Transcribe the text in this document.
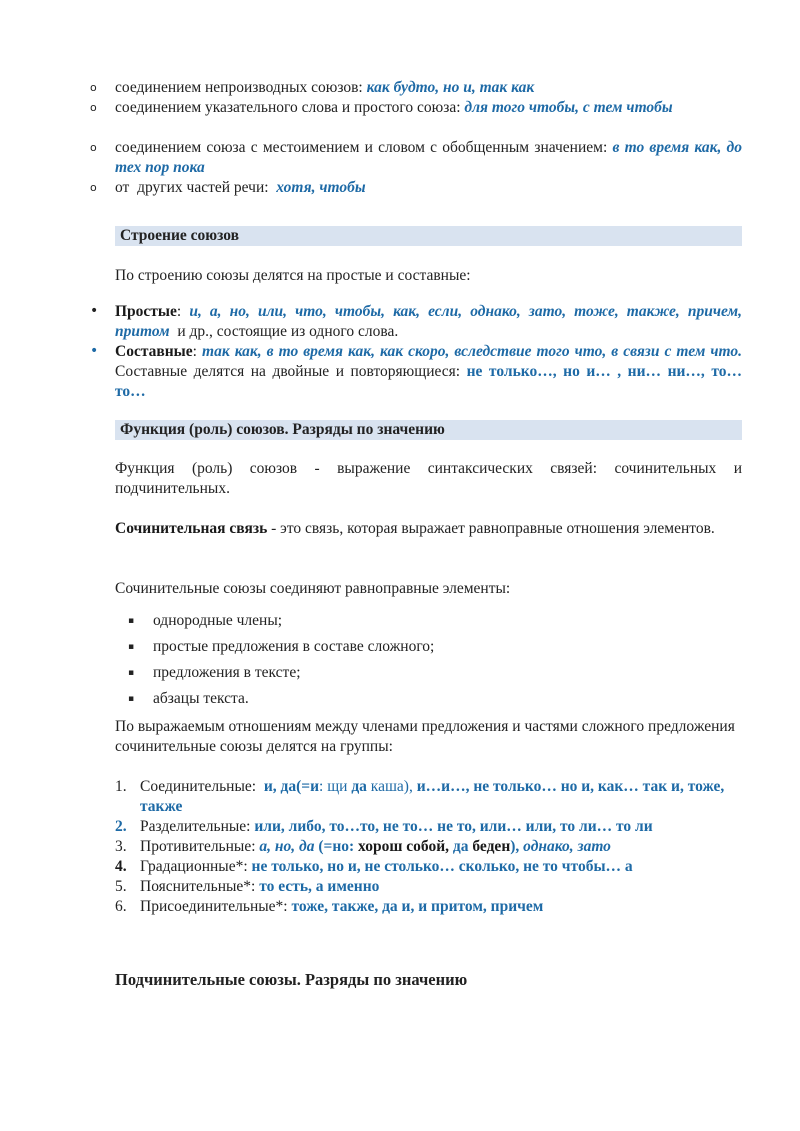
o соединением непроизводных союзов: как будто, но и, так как
o соединением указательного слова и простого союза: для того чтобы, с тем чтобы
o соединением союза с местоимением и словом с обобщенным значением: в то время как, до тех пор пока
o от  других частей речи:  хотя, чтобы
Строение союзов

По строению союзы делятся на простые и составные:

• Простые: и, а, но, или, что, чтобы, как, если, однако, зато, тоже, также, причем, притом  и др., состоящие из одного слова.
• Составные: так как, в то время как, как скоро, вследствие того что, в связи с тем что. Составные делятся на двойные и повторяющиеся: не только…, но и… , ни… ни…, то… то…
Функция (роль) союзов. Разряды по значению

Функция (роль) союзов - выражение синтаксических связей: сочинительных и подчинительных.

Сочинительная связь - это связь, которая выражает равноправные отношения элементов.

Сочинительные союзы соединяют равноправные элементы:

▪ однородные члены;
▪ простые предложения в составе сложного;
▪ предложения в тексте;
▪ абзацы текста.

По выражаемым отношениям между членами предложения и частями сложного предложения сочинительные союзы делятся на группы:

1. Соединительные:  и, да(=и: щи да каша), и…и…, не только… но и, как… так и, тоже, также
2. Разделительные: или, либо, то…то, не то… не то, или… или, то ли… то ли
3. Противительные: а, но, да (=но: хорош собой, да беден), однако, зато
4. Градационные*: не только, но и, не столько… сколько, не то чтобы… а
5. Пояснительные*: то есть, а именно
6. Присоединительные*: тоже, также, да и, и притом, причем

Подчинительные союзы. Разряды по значению
